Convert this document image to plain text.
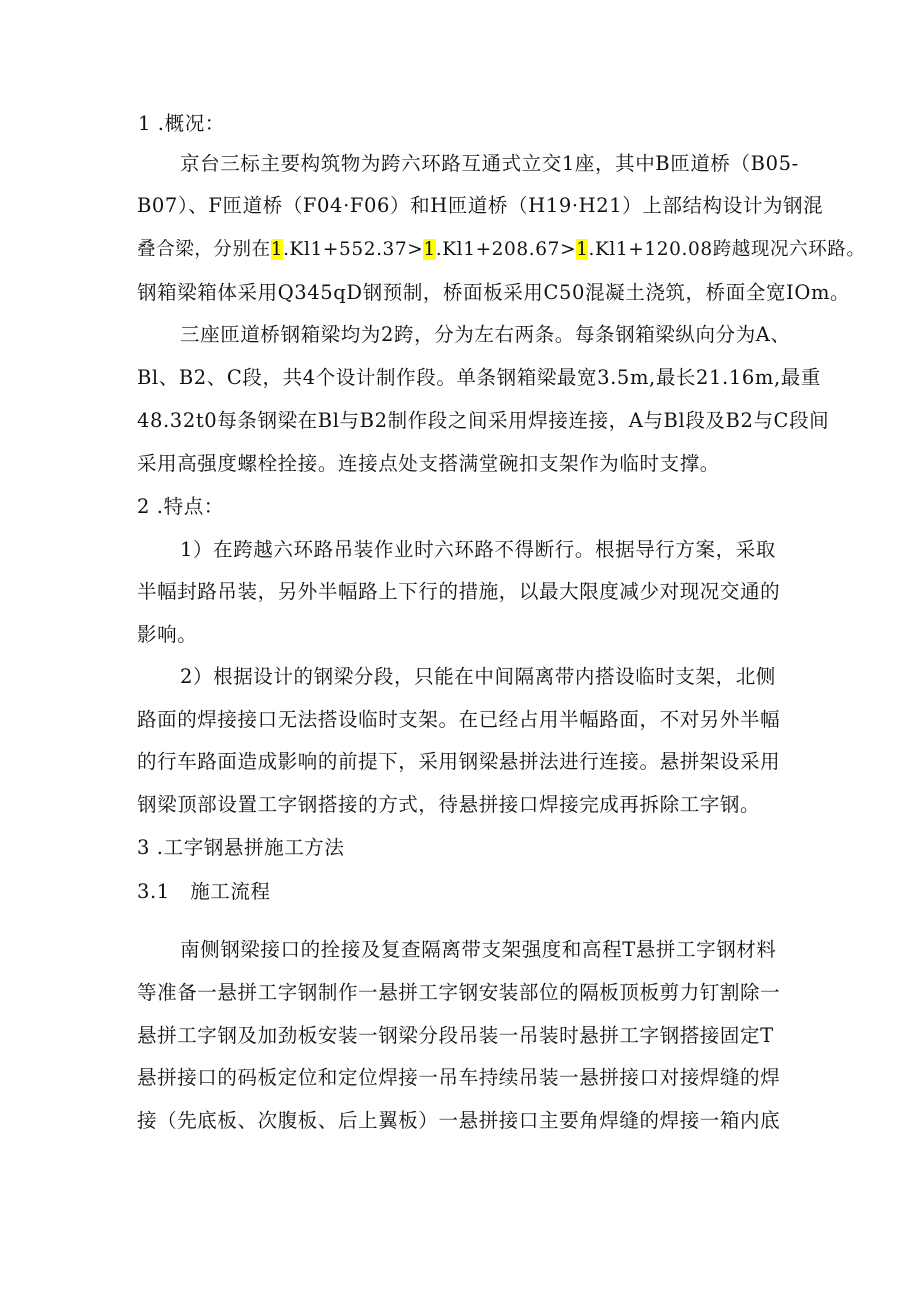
1 .概况：
京台三标主要构筑物为跨六环路互通式立交1座，其中B匝道桥（B05-
B07）、F匝道桥（F04·F06）和H匝道桥（H19·H21）上部结构设计为钢混
叠合梁，分别在1.Kl1+552.37>1.Kl1+208.67>1.Kl1+120.08跨越现况六环路。
钢箱梁箱体采用Q345qD钢预制，桥面板采用C50混凝土浇筑，桥面全宽IOm。
三座匝道桥钢箱梁均为2跨，分为左右两条。每条钢箱梁纵向分为A、
Bl、B2、C段，共4个设计制作段。单条钢箱梁最宽3.5m,最长21.16m,最重
48.32t0每条钢梁在Bl与B2制作段之间采用焊接连接，A与Bl段及B2与C段间
采用高强度螺栓拴接。连接点处支搭满堂碗扣支架作为临时支撑。
2 .特点：
1）在跨越六环路吊装作业时六环路不得断行。根据导行方案，采取
半幅封路吊装，另外半幅路上下行的措施，以最大限度减少对现况交通的
影响。
2）根据设计的钢梁分段，只能在中间隔离带内搭设临时支架，北侧
路面的焊接接口无法搭设临时支架。在已经占用半幅路面，不对另外半幅
的行车路面造成影响的前提下，采用钢梁悬拼法进行连接。悬拼架设采用
钢梁顶部设置工字钢搭接的方式，待悬拼接口焊接完成再拆除工字钢。
3 .工字钢悬拼施工方法
3.1   施工流程
南侧钢梁接口的拴接及复查隔离带支架强度和高程T悬拼工字钢材料
等准备一悬拼工字钢制作一悬拼工字钢安装部位的隔板顶板剪力钉割除一
悬拼工字钢及加劲板安装一钢梁分段吊装一吊装时悬拼工字钢搭接固定T
悬拼接口的码板定位和定位焊接一吊车持续吊装一悬拼接口对接焊缝的焊
接（先底板、次腹板、后上翼板）一悬拼接口主要角焊缝的焊接一箱内底
